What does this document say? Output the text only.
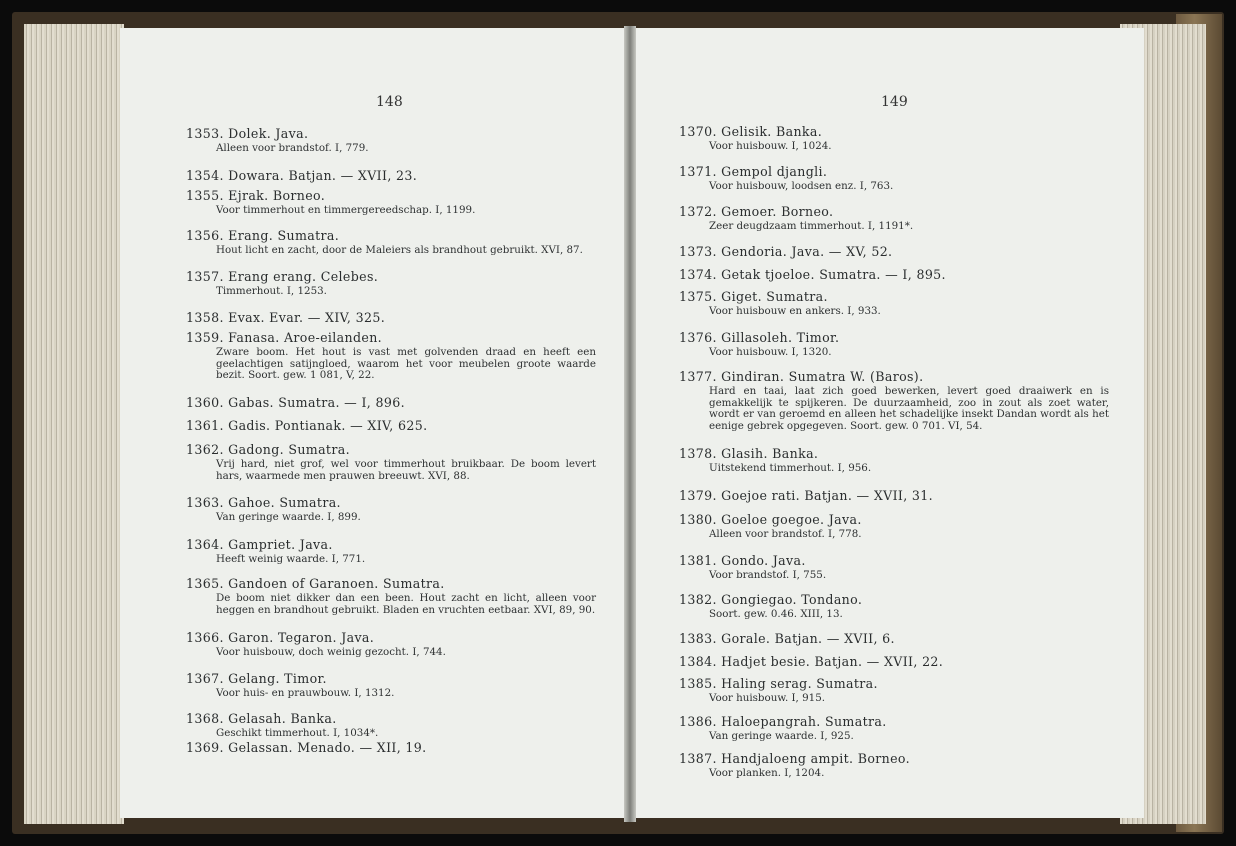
148
1353. Dolek. Java.
Alleen voor brandstof. I, 779.
1354. Dowara. Batjan. — XVII, 23.
1355. Ejrak. Borneo.
Voor timmerhout en timmergereedschap. I, 1199.
1356. Erang. Sumatra.
Hout licht en zacht, door de Maleiers als brandhout gebruikt. XVI, 87.
1357. Erang erang. Celebes.
Timmerhout. I, 1253.
1358. Evax. Evar. — XIV, 325.
1359. Fanasa. Aroe-eilanden.
Zware boom. Het hout is vast met golvenden draad en heeft een geelachtigen satijngloed, waarom het voor meubelen groote waarde bezit. Soort. gew. 1 081, V, 22.
1360. Gabas. Sumatra. — I, 896.
1361. Gadis. Pontianak. — XIV, 625.
1362. Gadong. Sumatra.
Vrij hard, niet grof, wel voor timmerhout bruikbaar. De boom levert hars, waarmede men prauwen breeuwt. XVI, 88.
1363. Gahoe. Sumatra.
Van geringe waarde. I, 899.
1364. Gampriet. Java.
Heeft weinig waarde. I, 771.
1365. Gandoen of Garanoen. Sumatra.
De boom niet dikker dan een been. Hout zacht en licht, alleen voor heggen en brandhout gebruikt. Bladen en vruchten eetbaar. XVI, 89, 90.
1366. Garon. Tegaron. Java.
Voor huisbouw, doch weinig gezocht. I, 744.
1367. Gelang. Timor.
Voor huis- en prauwbouw. I, 1312.
1368. Gelasah. Banka.
Geschikt timmerhout. I, 1034*.
1369. Gelassan. Menado. — XII, 19.
149
1370. Gelisik. Banka.
Voor huisbouw. I, 1024.
1371. Gempol djangli.
Voor huisbouw, loodsen enz. I, 763.
1372. Gemoer. Borneo.
Zeer deugdzaam timmerhout. I, 1191*.
1373. Gendoria. Java. — XV, 52.
1374. Getak tjoeloe. Sumatra. — I, 895.
1375. Giget. Sumatra.
Voor huisbouw en ankers. I, 933.
1376. Gillasoleh. Timor.
Voor huisbouw. I, 1320.
1377. Gindiran. Sumatra W. (Baros).
Hard en taai, laat zich goed bewerken, levert goed draaiwerk en is gemakkelijk te spijkeren. De duurzaamheid, zoo in zout als zoet water, wordt er van geroemd en alleen het schadelijke insekt Dandan wordt als het eenige gebrek opgegeven. Soort. gew. 0 701. VI, 54.
1378. Glasih. Banka.
Uitstekend timmerhout. I, 956.
1379. Goejoe rati. Batjan. — XVII, 31.
1380. Goeloe goegoe. Java.
Alleen voor brandstof. I, 778.
1381. Gondo. Java.
Voor brandstof. I, 755.
1382. Gongiegao. Tondano.
Soort. gew. 0.46. XIII, 13.
1383. Gorale. Batjan. — XVII, 6.
1384. Hadjet besie. Batjan. — XVII, 22.
1385. Haling serag. Sumatra.
Voor huisbouw. I, 915.
1386. Haloepangrah. Sumatra.
Van geringe waarde. I, 925.
1387. Handjaloeng ampit. Borneo.
Voor planken. I, 1204.
